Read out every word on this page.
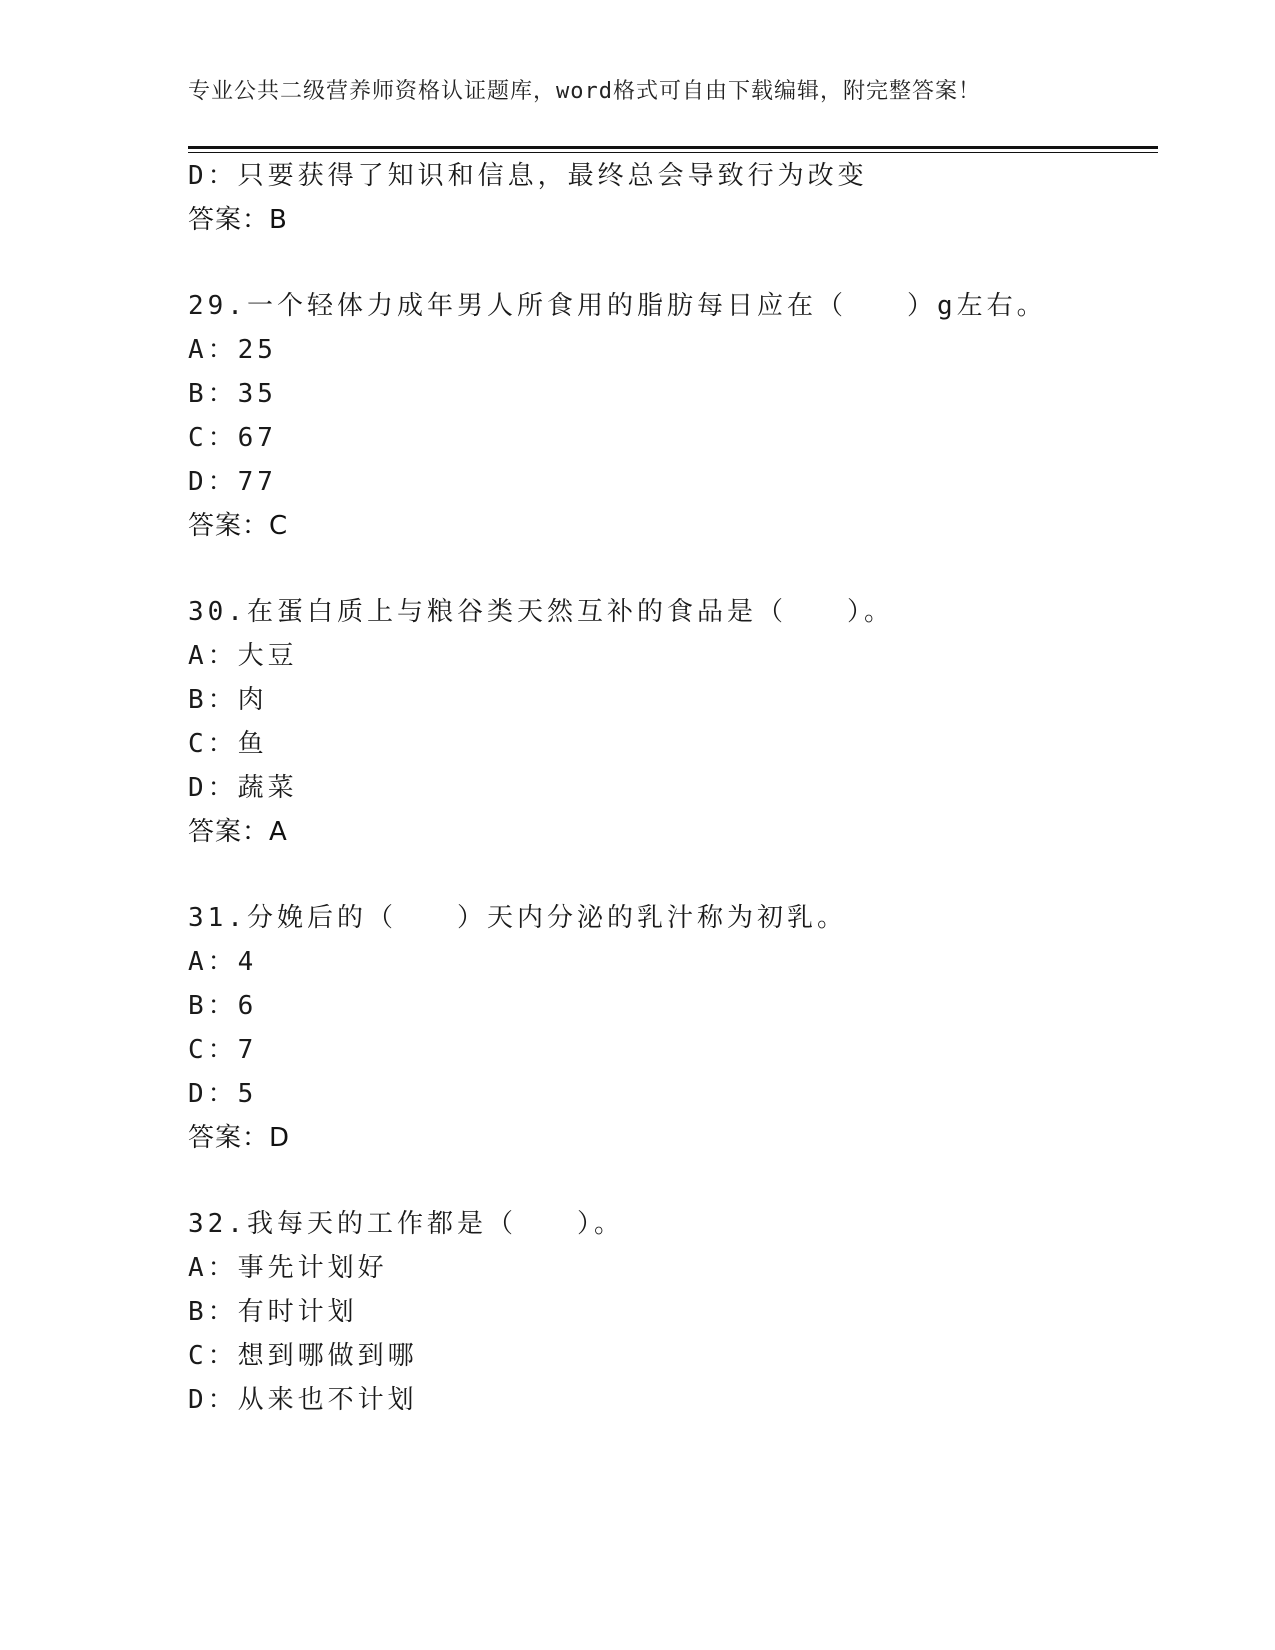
专业公共二级营养师资格认证题库，word格式可自由下载编辑，附完整答案！
D：只要获得了知识和信息，最终总会导致行为改变
答案：B
29.一个轻体力成年男人所食用的脂肪每日应在（　　）g左右。
A：25
B：35
C：67
D：77
答案：C
30.在蛋白质上与粮谷类天然互补的食品是（　　）。
A：大豆
B：肉
C：鱼
D：蔬菜
答案：A
31.分娩后的（　　）天内分泌的乳汁称为初乳。
A：4
B：6
C：7
D：5
答案：D
32.我每天的工作都是（　　）。
A：事先计划好
B：有时计划
C：想到哪做到哪
D：从来也不计划
